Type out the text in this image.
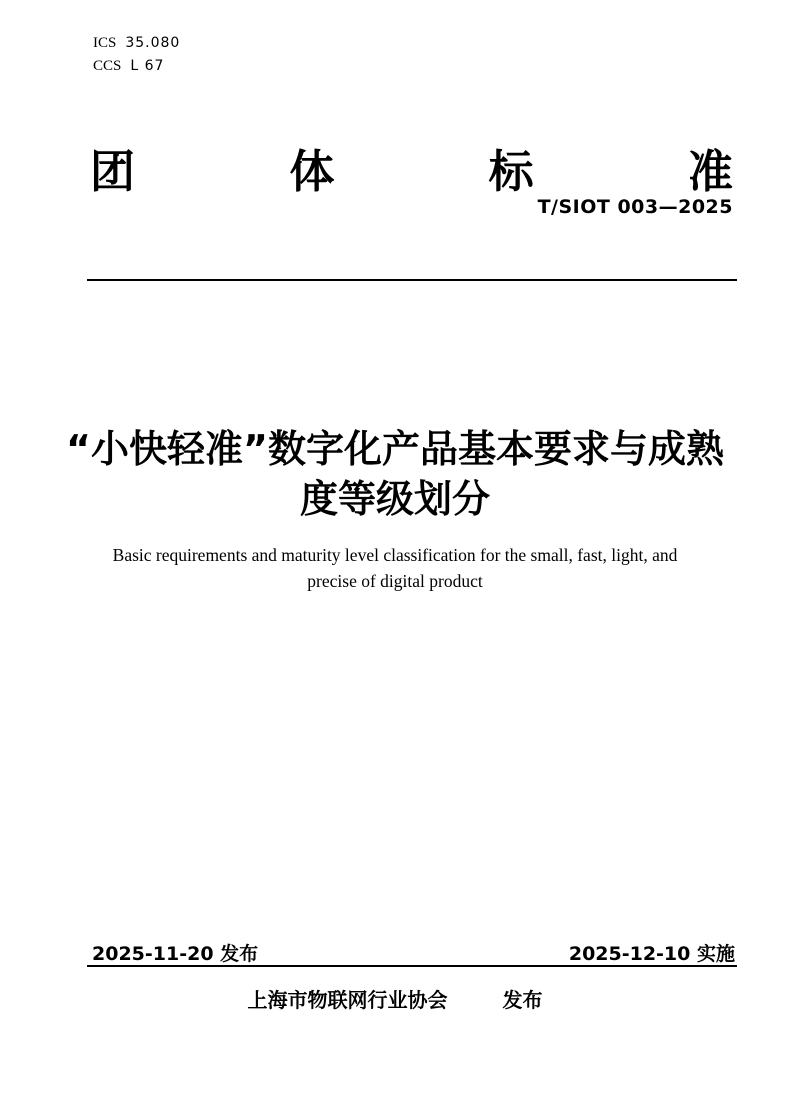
ICS 35.080
CCS L 67
团	体	标	准
T/SIOT 003—2025
“小快轻准”数字化产品基本要求与成熟
度等级划分
Basic requirements and maturity level classification for the small, fast, light, and
precise of digital product
2025-11-20 发布	2025-12-10 实施
上海市物联网行业协会	发布
